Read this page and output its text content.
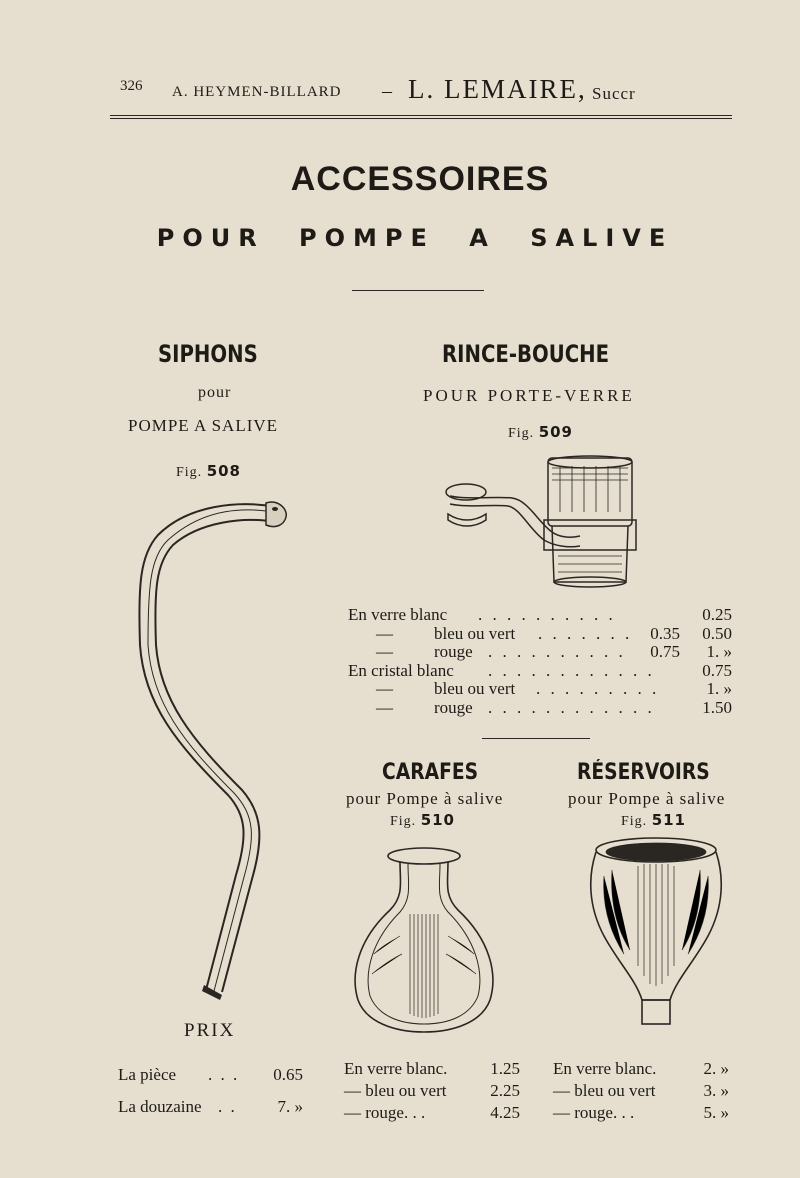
326 A. HEYMEN-BILLARD – L. LEMAIRE, Succr
ACCESSOIRES
POUR POMPE A SALIVE
SIPHONS
pour
POMPE A SALIVE
Fig. 508
PRIX
La pièce . . . 0.65
La douzaine . . 7. »
RINCE-BOUCHE
POUR PORTE-VERRE
Fig. 509
En verre blanc . . . . . . . . . .	0.25
— bleu ou vert . . . . . . . 0.35 0.50
— rouge . . . . . . . . . . 0.75 1. »
En cristal blanc . . . . . . . . . . . .	0.75
— bleu ou vert . . . . . . . . .	1. »
— rouge . . . . . . . . . . . .	1.50
CARAFES
pour Pompe à salive
Fig. 510
En verre blanc.	1.25
— bleu ou vert	2.25
— rouge. . .	4.25
RÉSERVOIRS
pour Pompe à salive
Fig. 511
En verre blanc.	2. »
— bleu ou vert	3. »
— rouge. . .	5. »
